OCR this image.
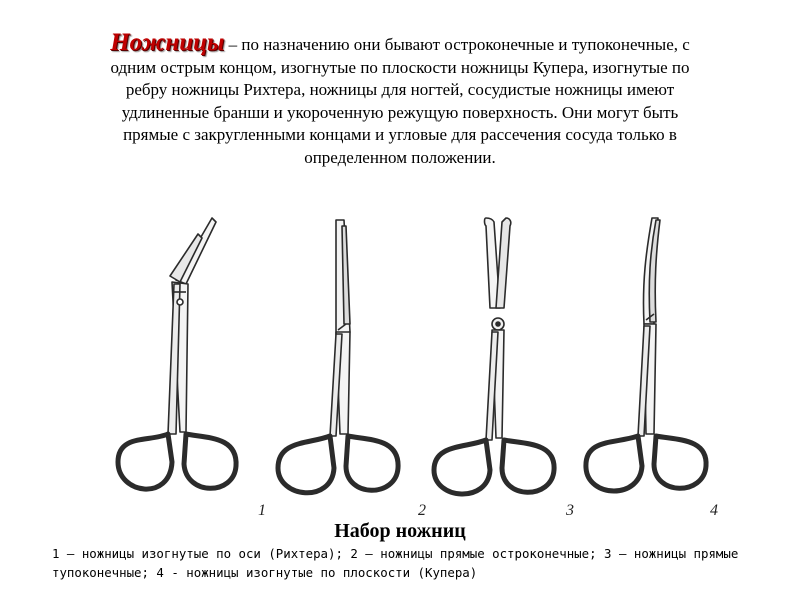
Ножницы – по назначению они бывают остроконечные и тупоконечные, с одним острым концом, изогнутые по плоскости ножницы Купера, изогнутые по ребру ножницы Рихтера, ножницы для ногтей, сосудистые ножницы имеют удлиненные бранши и укороченную режущую поверхность. Они могут быть прямые с закругленными концами и угловые для рассечения сосуда только в определенном положении.
1	2	3	4
Набор ножниц
1 – ножницы изогнутые по оси (Рихтера); 2 – ножницы прямые остроконечные; 3 – ножницы прямые тупоконечные; 4 - ножницы изогнутые по плоскости (Купера)
